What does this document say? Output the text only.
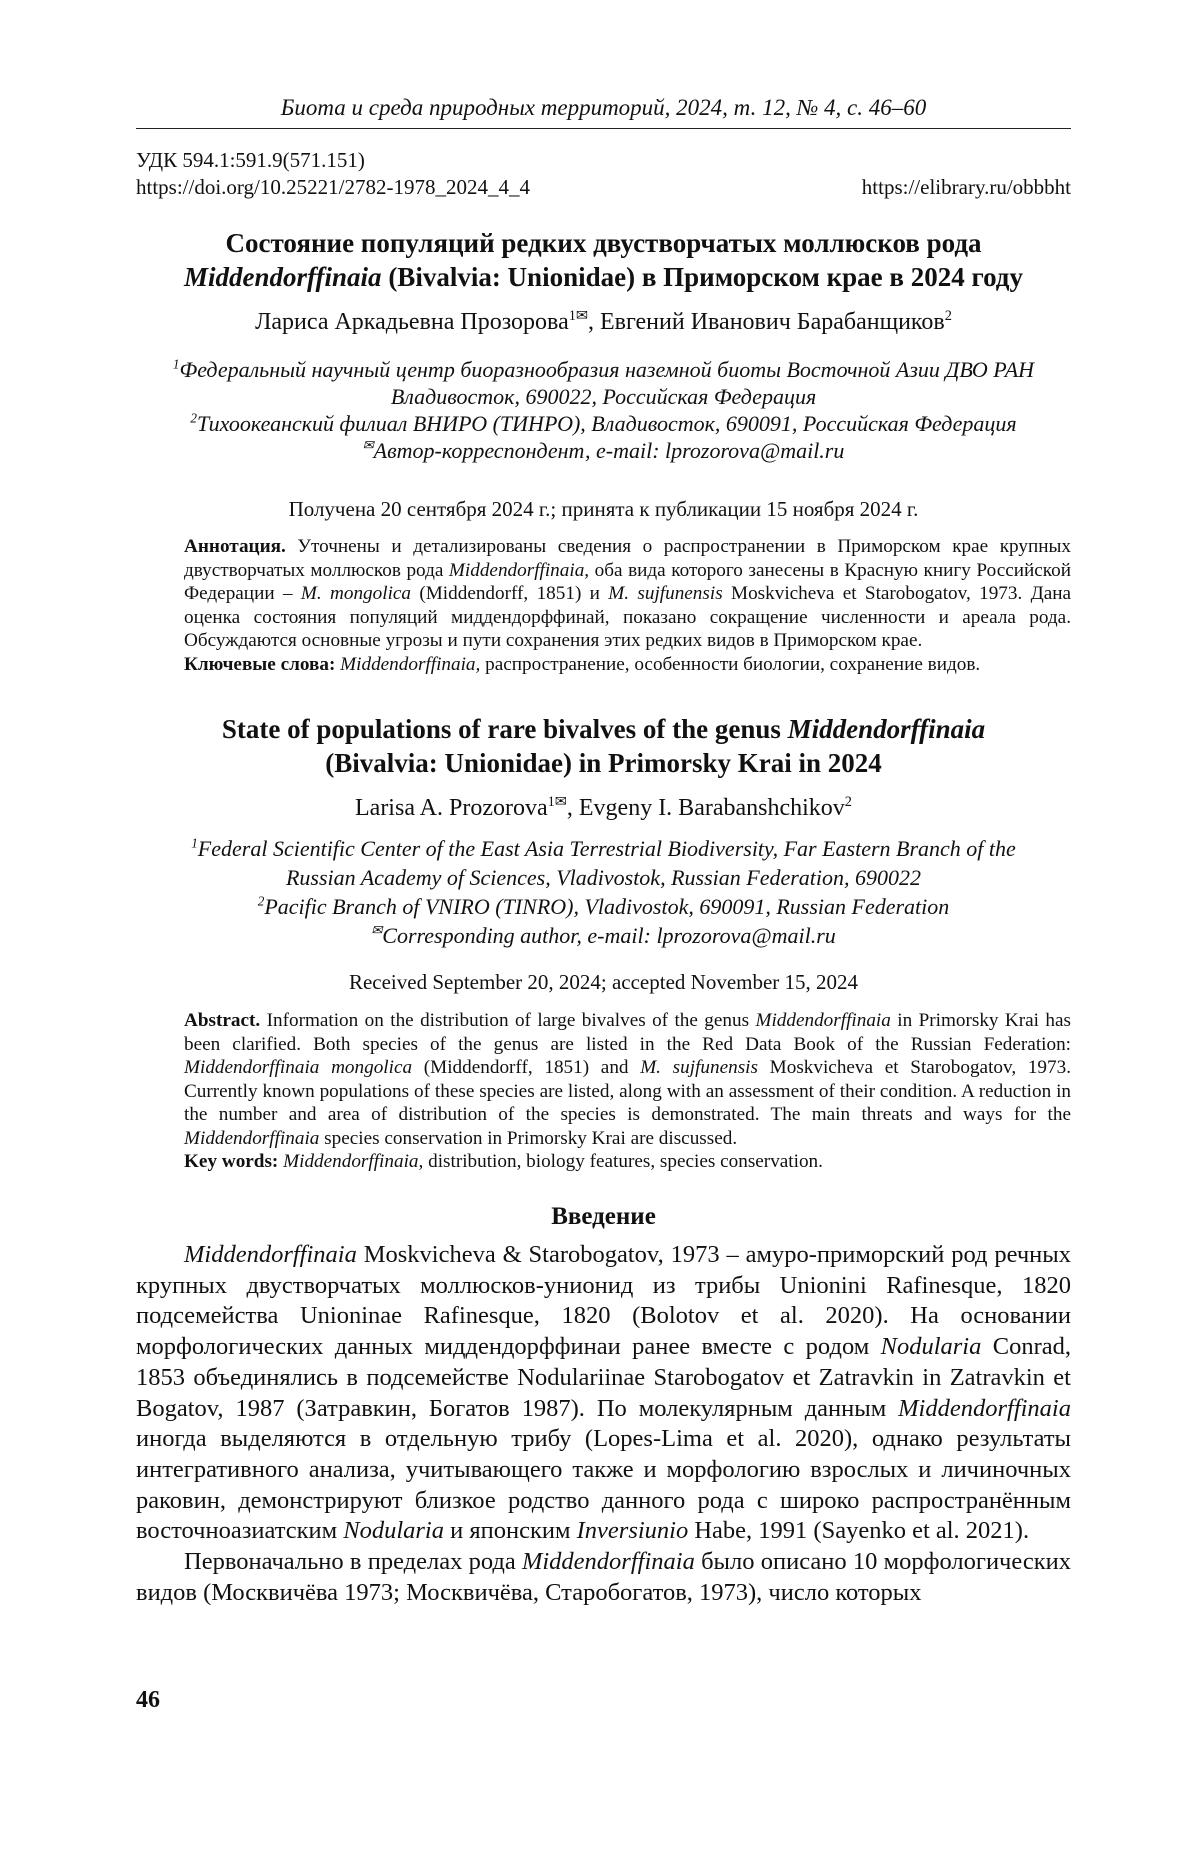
Биота и среда природных территорий, 2024, т. 12, № 4, с. 46–60
УДК 594.1:591.9(571.151)
https://doi.org/10.25221/2782-1978_2024_4_4	https://elibrary.ru/obbbht
Состояние популяций редких двустворчатых моллюсков рода
Middendorffinaia (Bivalvia: Unionidae) в Приморском крае в 2024 году
Лариса Аркадьевна Прозорова$^{1✉}$, Евгений Иванович Барабанщиков$^2$
$^1$Федеральный научный центр биоразнообразия наземной биоты Восточной Азии ДВО РАН
Владивосток, 690022, Российская Федерация
$^2$Тихоокеанский филиал ВНИРО (ТИНРО), Владивосток, 690091, Российская Федерация
✉Автор-корреспондент, e-mail: lprozorova@mail.ru
Получена 20 сентября 2024 г.; принята к публикации 15 ноября 2024 г.

Аннотация. Уточнены и детализированы сведения о распространении в Приморском крае крупных двустворчатых моллюсков рода Middendorffinaia, оба вида которого занесены в Красную книгу Российской Федерации – M. mongolica (Middendorff, 1851) и M. sujfunensis Moskvicheva et Starobogatov, 1973. Дана оценка состояния популяций миддендорффинай, показано сокращение численности и ареала рода. Обсуждаются основные угрозы и пути сохранения этих редких видов в Приморском крае.

Ключевые слова: Middendorffinaia, распространение, особенности биологии, сохранение видов.

State of populations of rare bivalves of the genus Middendorffinaia
(Bivalvia: Unionidae) in Primorsky Krai in 2024
Larisa A. Prozorova$^{1✉}$, Evgeny I. Barabanshchikov$^2$
$^1$Federal Scientific Center of the East Asia Terrestrial Biodiversity, Far Eastern Branch of the
Russian Academy of Sciences, Vladivostok, Russian Federation, 690022
$^2$Pacific Branch of VNIRO (TINRO), Vladivostok, 690091, Russian Federation
✉Corresponding author, e-mail: lprozorova@mail.ru
Received September 20, 2024; accepted November 15, 2024

Abstract. Information on the distribution of large bivalves of the genus Middendorffinaia in Primorsky Krai has been clarified. Both species of the genus are listed in the Red Data Book of the Russian Federation: Middendorffinaia mongolica (Middendorff, 1851) and M. sujfunensis Moskvicheva et Starobogatov, 1973. Currently known populations of these species are listed, along with an assessment of their condition. A reduction in the number and area of distribution of the species is demonstrated. The main threats and ways for the Middendorffinaia species conservation in Primorsky Krai are discussed.

Key words: Middendorffinaia, distribution, biology features, species conservation.

Введение

Middendorffinaia Moskvicheva & Starobogatov, 1973 – амуро-приморский род речных крупных двустворчатых моллюсков-унионид из трибы Unionini Rafinesque, 1820 подсемейства Unioninae Rafinesque, 1820 (Bolotov et al. 2020). На основании морфологических данных миддендорффинаи ранее вместе с родом Nodularia Conrad, 1853 объединялись в подсемействе Nodulariinae Starobogatov et Zatravkin in Zatravkin et Bogatov, 1987 (Затравкин, Богатов 1987). По молекулярным данным Middendorffinaia иногда выделяются в отдельную трибу (Lopes-Lima et al. 2020), однако результаты интегративного анализа, учитывающего также и морфологию взрослых и личиночных раковин, демонстрируют близкое родство данного рода с широко распространённым восточноазиатским Nodularia и японским Inversiunio Habe, 1991 (Sayenko et al. 2021).

Первоначально в пределах рода Middendorffinaia было описано 10 морфологических видов (Москвичёва 1973; Москвичёва, Старобогатов, 1973), число которых

46
